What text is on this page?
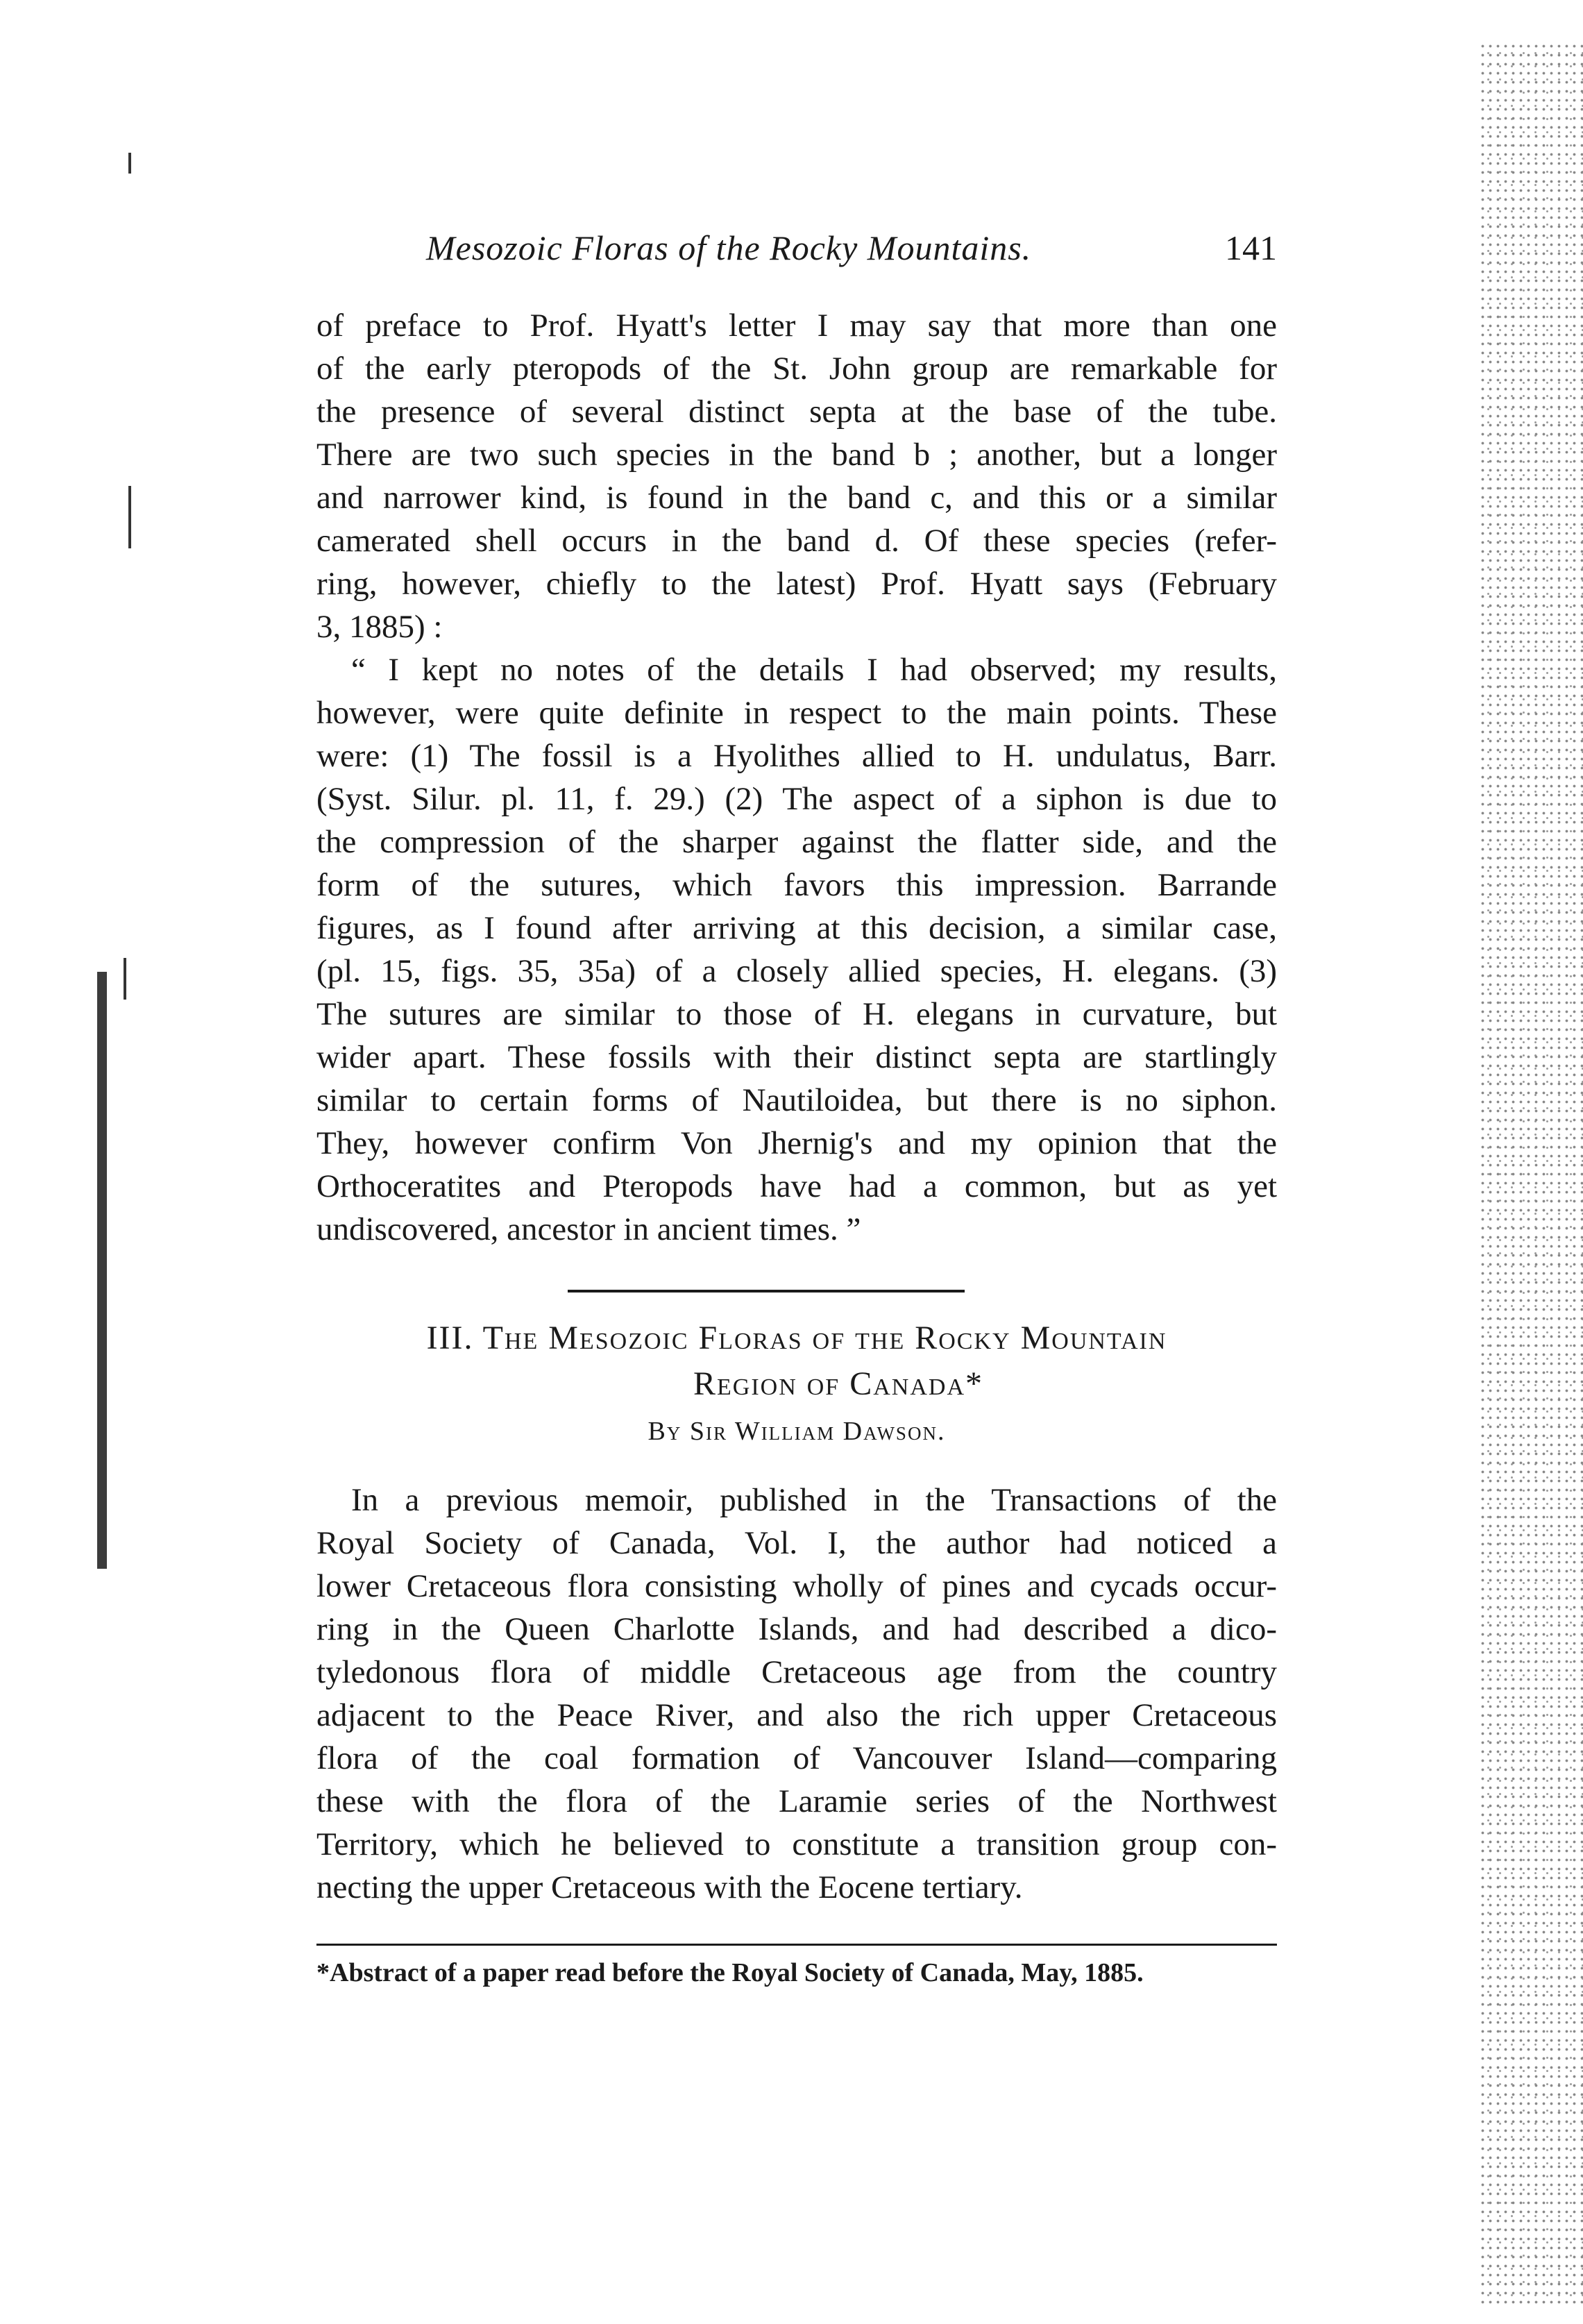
Mesozoic Floras of the Rocky Mountains.	141
of preface to Prof. Hyatt's letter I may say that more than one
of the early pteropods of the St. John group are remarkable for
the presence of several distinct septa at the base of the tube.
There are two such species in the band b ; another, but a longer
and narrower kind, is found in the band c, and this or a similar
camerated shell occurs in the band d. Of these species (refer-
ring, however, chiefly to the latest) Prof. Hyatt says (February
3, 1885) :
“ I kept no notes of the details I had observed; my results,
however, were quite definite in respect to the main points. These
were: (1) The fossil is a Hyolithes allied to H. undulatus, Barr.
(Syst. Silur. pl. 11, f. 29.) (2) The aspect of a siphon is due to
the compression of the sharper against the flatter side, and the
form of the sutures, which favors this impression. Barrande
figures, as I found after arriving at this decision, a similar case,
(pl. 15, figs. 35, 35a) of a closely allied species, H. elegans. (3)
The sutures are similar to those of H. elegans in curvature, but
wider apart. These fossils with their distinct septa are startlingly
similar to certain forms of Nautiloidea, but there is no siphon.
They, however confirm Von Jhernig's and my opinion that the
Orthoceratites and Pteropods have had a common, but as yet
undiscovered, ancestor in ancient times. ”
III. The Mesozoic Floras of the Rocky Mountain
Region of Canada*
By Sir William Dawson.
In a previous memoir, published in the Transactions of the
Royal Society of Canada, Vol. I, the author had noticed a
lower Cretaceous flora consisting wholly of pines and cycads occur-
ring in the Queen Charlotte Islands, and had described a dico-
tyledonous flora of middle Cretaceous age from the country
adjacent to the Peace River, and also the rich upper Cretaceous
flora of the coal formation of Vancouver Island—comparing
these with the flora of the Laramie series of the Northwest
Territory, which he believed to constitute a transition group con-
necting the upper Cretaceous with the Eocene tertiary.
*Abstract of a paper read before the Royal Society of Canada, May, 1885.
